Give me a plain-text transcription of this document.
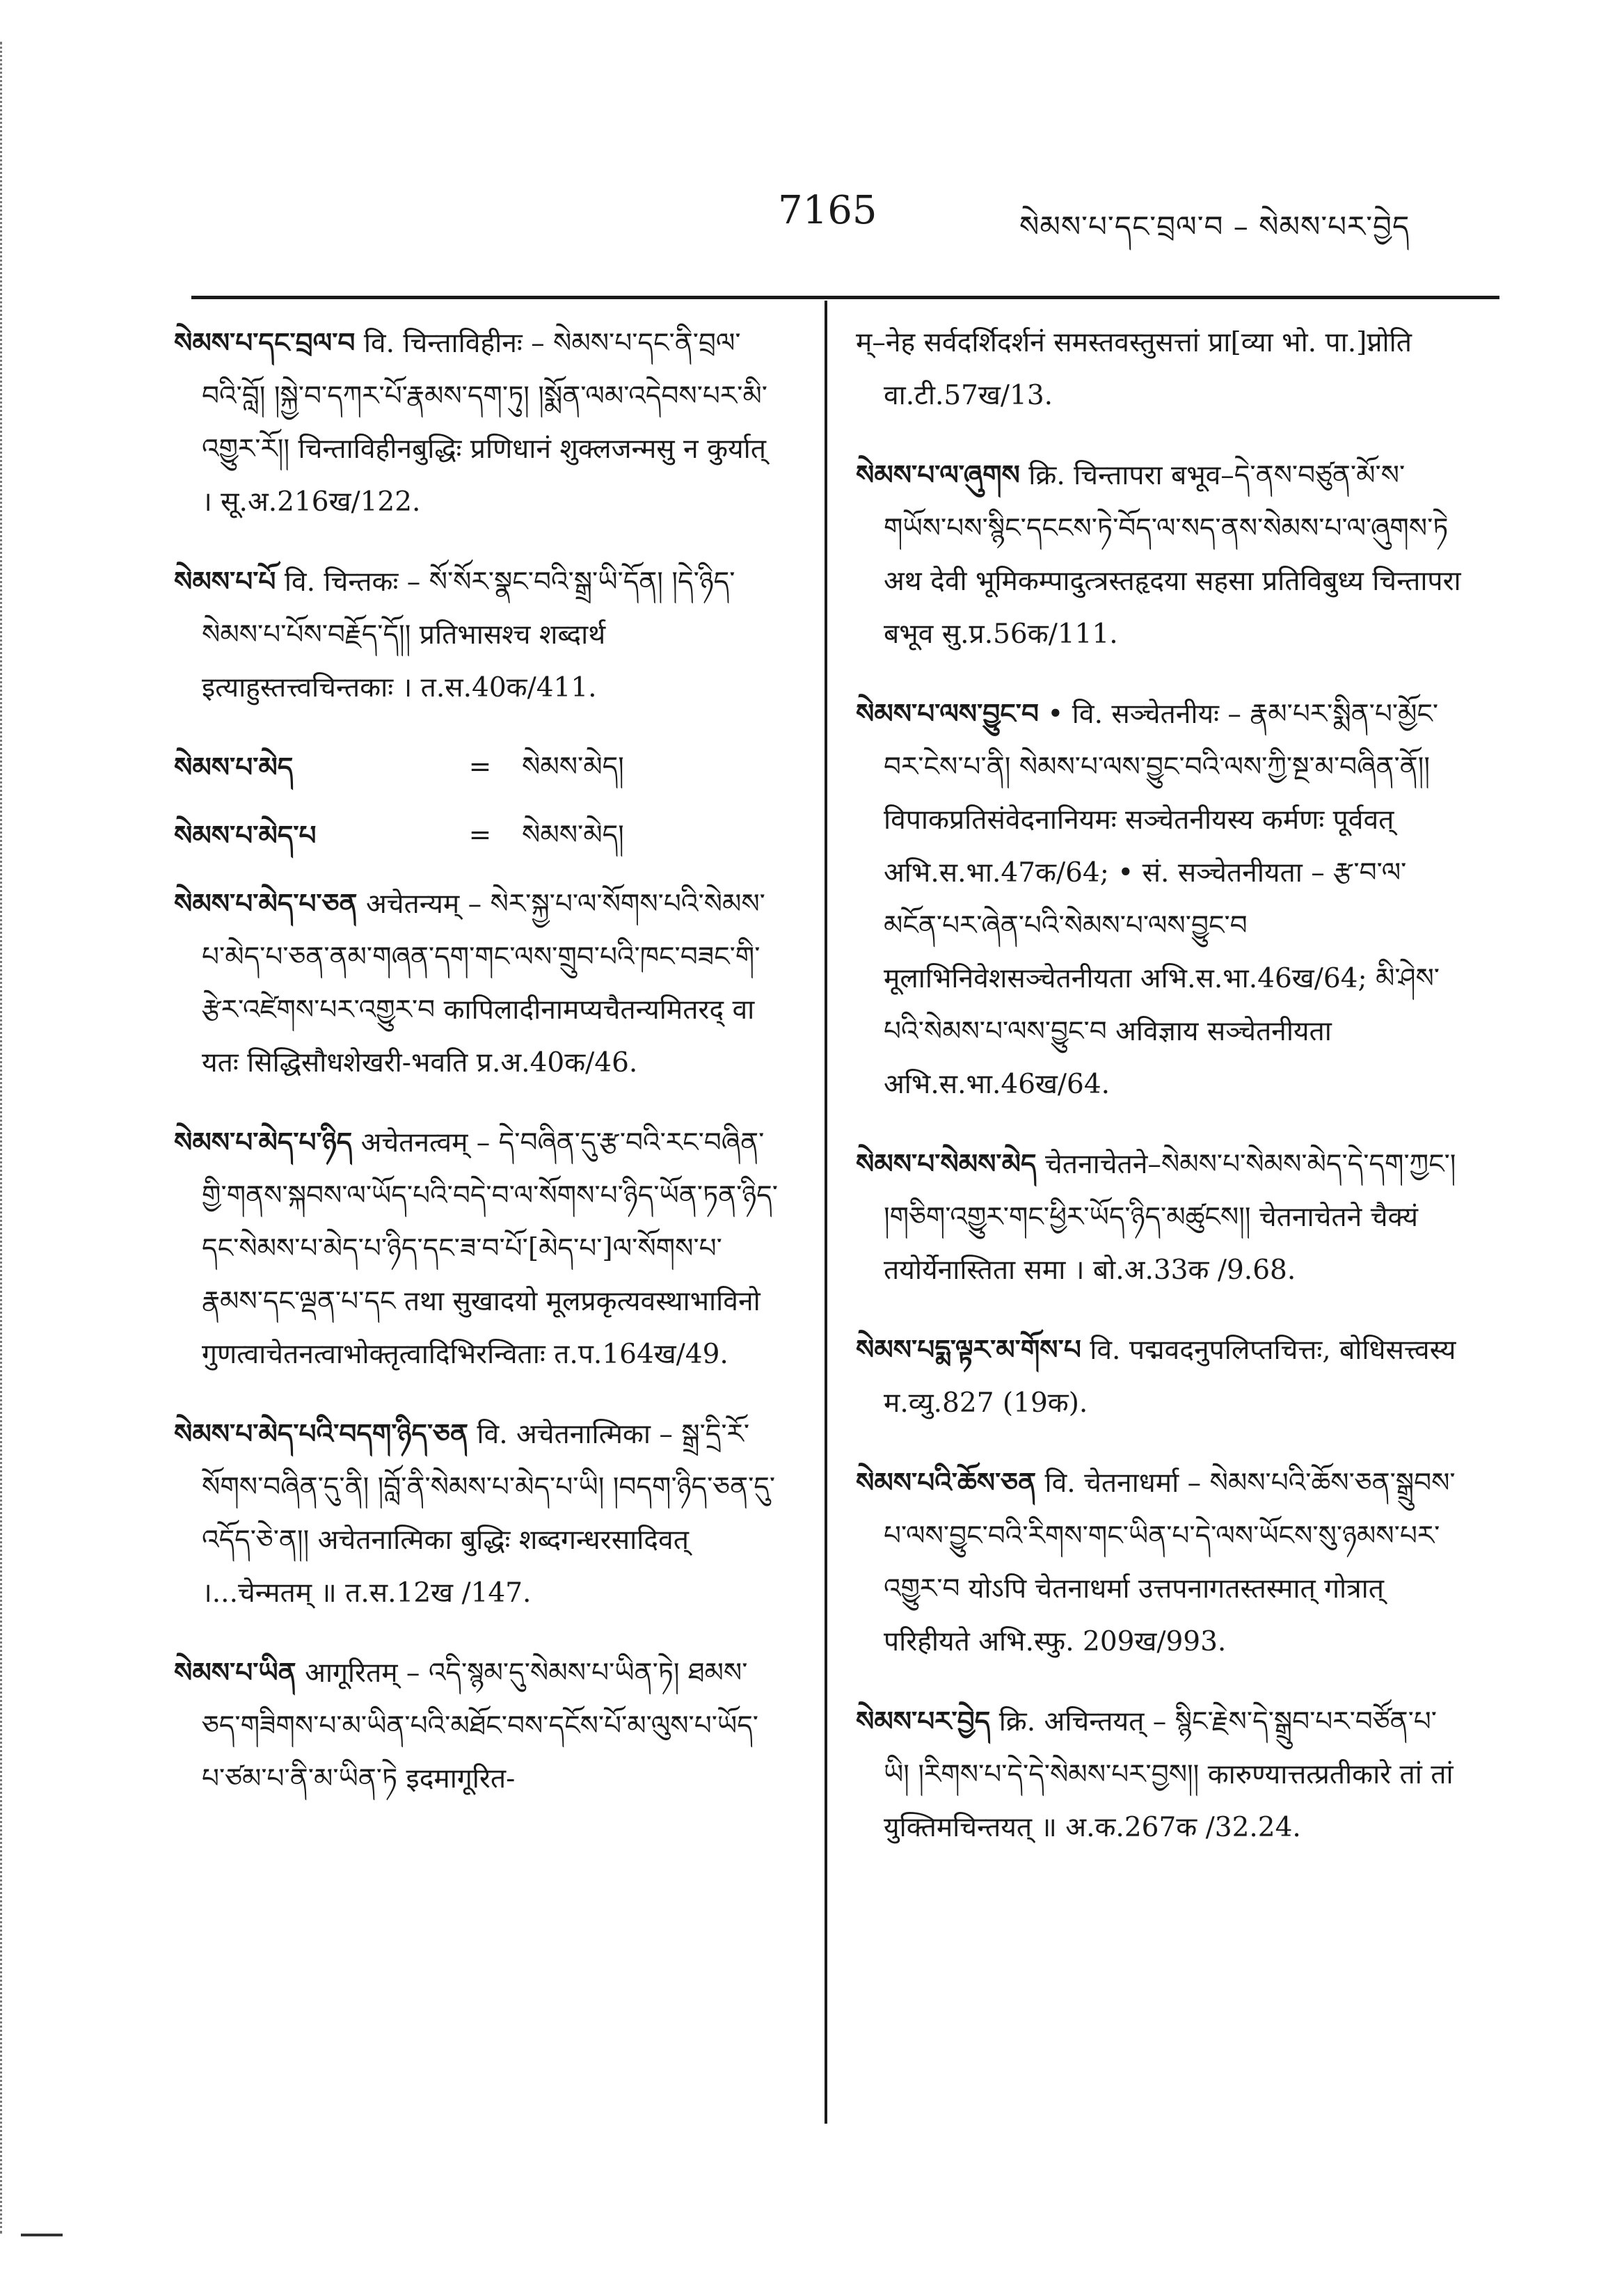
7165	སེམས་པ་དང་བྲལ་བ – སེམས་པར་བྱེད
སེམས་པ་དང་བྲལ་བ वि. चिन्ताविहीनः – སེམས་པ་དང་ནི་བྲལ་བའི་བློ། །སྐྱེ་བ་དཀར་པོ་རྣམས་དག་ཏུ། །སྨོན་ལམ་འདེབས་པར་མི་འགྱུར་རོ།། चिन्ताविहीनबुद्धिः प्रणिधानं शुक्लजन्मसु न कुर्यात् । सू.अ.216ख/122.
སེམས་པ་པོ वि. चिन्तकः – སོ་སོར་སྣང་བའི་སྒྲ་ཡི་དོན། །དེ་ཉིད་སེམས་པ་པོས་བརྗོད་དོ།། प्रतिभासश्च शब्दार्थ इत्याहुस्तत्त्वचिन्तकाः । त.स.40क/411.
སེམས་པ་མེད	=	སེམས་མེད།
སེམས་པ་མེད་པ	=	སེམས་མེད།
སེམས་པ་མེད་པ་ཅན अचेतन्यम् – སེར་སྐྱ་པ་ལ་སོགས་པའི་སེམས་པ་མེད་པ་ཅན་ནམ་གཞན་དག་གང་ལས་གྲུབ་པའི་ཁང་བཟང་གི་རྩེར་འཛེགས་པར་འགྱུར་བ कापिलादीनामप्यचैतन्यमितरद् वा यतः सिद्धिसौधशेखरी-भवति प्र.अ.40क/46.
སེམས་པ་མེད་པ་ཉིད अचेतनत्वम् – དེ་བཞིན་དུ་རྩ་བའི་རང་བཞིན་གྱི་གནས་སྐབས་ལ་ཡོད་པའི་བདེ་བ་ལ་སོགས་པ་ཉིད་ཡོན་ཏན་ཉིད་དང་སེམས་པ་མེད་པ་ཉིད་དང་ཟ་བ་པོ་[མེད་པ་]ལ་སོགས་པ་རྣམས་དང་ལྡན་པ་དང तथा सुखादयो मूलप्रकृत्यवस्थाभाविनो गुणत्वाचेतनत्वाभोक्तृत्वादिभिरन्विताः त.प.164ख/49.
སེམས་པ་མེད་པའི་བདག་ཉིད་ཅན वि. अचेतनात्मिका – སྒྲ་དྲི་རོ་སོགས་བཞིན་དུ་ནི། །བློ་ནི་སེམས་པ་མེད་པ་ཡི། །བདག་ཉིད་ཅན་དུ་འདོད་ཅེ་ན།། अचेतनात्मिका बुद्धिः शब्दगन्धरसादिवत् ।...चेन्मतम् ॥ त.स.12ख /147.
སེམས་པ་ཡིན आगूरितम् – འདི་སྙམ་དུ་སེམས་པ་ཡིན་ཏེ། ཐམས་ཅད་གཟིགས་པ་མ་ཡིན་པའི་མཐོང་བས་དངོས་པོ་མ་ལུས་པ་ཡོད་པ་ཙམ་པ་ནི་མ་ཡིན་ཏེ इदमागूरित-
म्–नेह सर्वदर्शिदर्शनं समस्तवस्तुसत्तां प्रा[व्या भो. पा.]प्नोति वा.टी.57ख/13.
སེམས་པ་ལ་ཞུགས क्रि. चिन्तापरा बभूव–དེ་ནས་བཙུན་མོ་ས་གཡོས་པས་སྙིང་དངངས་ཏེ་བོད་ལ་སད་ནས་སེམས་པ་ལ་ཞུགས་ཏེ अथ देवी भूमिकम्पादुत्त्रस्तहृदया सहसा प्रतिविबुध्य चिन्तापरा बभूव सु.प्र.56क/111.
སེམས་པ་ལས་བྱུང་བ • वि. सञ्चेतनीयः – རྣམ་པར་སྨིན་པ་མྱོང་བར་ངེས་པ་ནི། སེམས་པ་ལས་བྱུང་བའི་ལས་ཀྱི་སྔ་མ་བཞིན་ནོ།། विपाकप्रतिसंवेदनानियमः सञ्चेतनीयस्य कर्मणः पूर्ववत् अभि.स.भा.47क/64; • सं. सञ्चेतनीयता – རྩ་བ་ལ་མངོན་པར་ཞེན་པའི་སེམས་པ་ལས་བྱུང་བ मूलाभिनिवेशसञ्चेतनीयता अभि.स.भा.46ख/64; མི་ཤེས་པའི་སེམས་པ་ལས་བྱུང་བ अविज्ञाय सञ्चेतनीयता अभि.स.भा.46ख/64.
སེམས་པ་སེམས་མེད चेतनाचेतने–སེམས་པ་སེམས་མེད་དེ་དག་ཀྱང་། །གཅིག་འགྱུར་གང་ཕྱིར་ཡོད་ཉིད་མཚུངས།། चेतनाचेतने चैक्यं तयोर्येनास्तिता समा । बो.अ.33क /9.68.
སེམས་པདྨ་ལྟར་མ་གོས་པ वि. पद्मवदनुपलिप्तचित्तः, बोधिसत्त्वस्य म.व्यु.827 (19क).
སེམས་པའི་ཆོས་ཅན वि. चेतनाधर्मा – སེམས་པའི་ཆོས་ཅན་སྒྲུབས་པ་ལས་བྱུང་བའི་རིགས་གང་ཡིན་པ་དེ་ལས་ཡོངས་སུ་ཉམས་པར་འགྱུར་བ योऽपि चेतनाधर्मा उत्तपनागतस्तस्मात् गोत्रात् परिहीयते अभि.स्फु. 209ख/993.
སེམས་པར་བྱེད क्रि. अचिन्तयत् – སྙིང་རྗེས་དེ་སྒྲུབ་པར་བཙོན་པ་ཡི། །རིགས་པ་དེ་དེ་སེམས་པར་བྱས།། कारुण्यात्तत्प्रतीकारे तां तां युक्तिमचिन्तयत् ॥ अ.क.267क /32.24.
